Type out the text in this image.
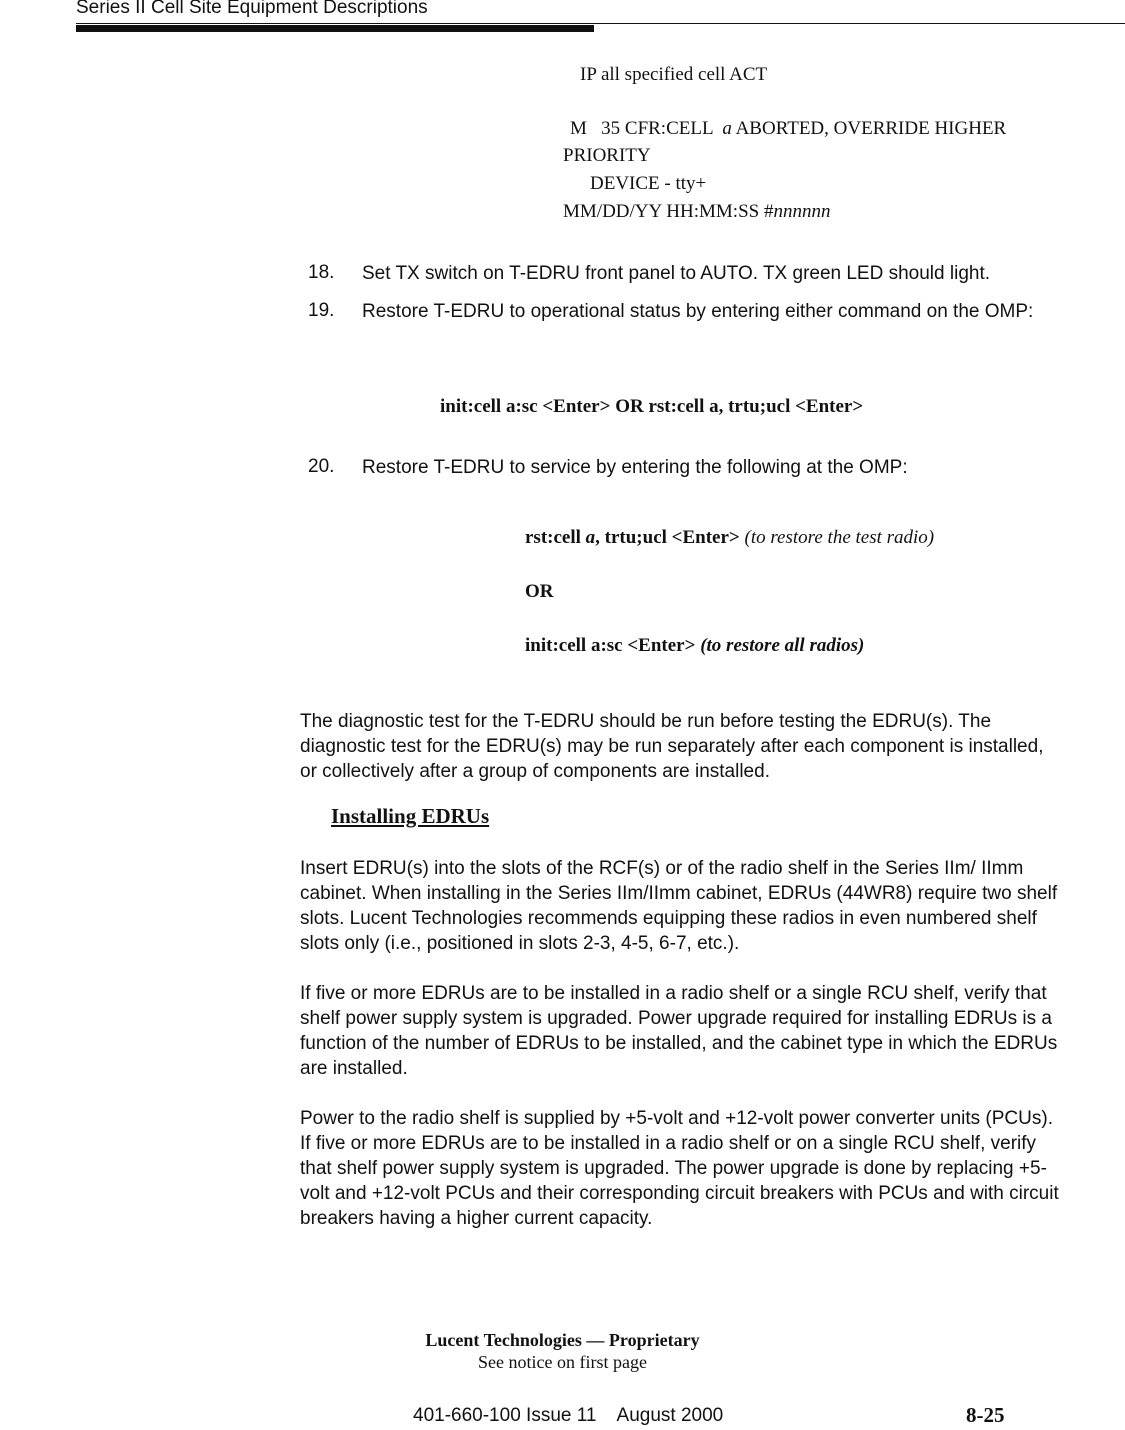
Series II Cell Site Equipment Descriptions
IP all specified cell ACT
M   35 CFR:CELL  a ABORTED, OVERRIDE HIGHER
PRIORITY
DEVICE - tty+
MM/DD/YY HH:MM:SS #nnnnnn
18. Set TX switch on T-EDRU front panel to AUTO. TX green LED should light.
19. Restore T-EDRU to operational status by entering either command on the OMP:
init:cell a:sc <Enter> OR rst:cell a, trtu;ucl <Enter>
20. Restore T-EDRU to service by entering the following at the OMP:
rst:cell a, trtu;ucl <Enter> (to restore the test radio)
OR
init:cell a:sc <Enter> (to restore all radios)
The diagnostic test for the T-EDRU should be run before testing the EDRU(s). The diagnostic test for the EDRU(s) may be run separately after each component is installed, or collectively after a group of components are installed.
Installing EDRUs
Insert EDRU(s) into the slots of the RCF(s) or of the radio shelf in the Series IIm/ IImm cabinet. When installing in the Series IIm/IImm cabinet, EDRUs (44WR8) require two shelf slots. Lucent Technologies recommends equipping these radios in even numbered shelf slots only (i.e., positioned in slots 2-3, 4-5, 6-7, etc.).
If five or more EDRUs are to be installed in a radio shelf or a single RCU shelf, verify that shelf power supply system is upgraded. Power upgrade required for installing EDRUs is a function of the number of EDRUs to be installed, and the cabinet type in which the EDRUs are installed.
Power to the radio shelf is supplied by +5-volt and +12-volt power converter units (PCUs). If five or more EDRUs are to be installed in a radio shelf or on a single RCU shelf, verify that shelf power supply system is upgraded. The power upgrade is done by replacing +5-volt and +12-volt PCUs and their corresponding circuit breakers with PCUs and with circuit breakers having a higher current capacity.
Lucent Technologies — Proprietary
See notice on first page
401-660-100 Issue 11    August 2000	8-25
